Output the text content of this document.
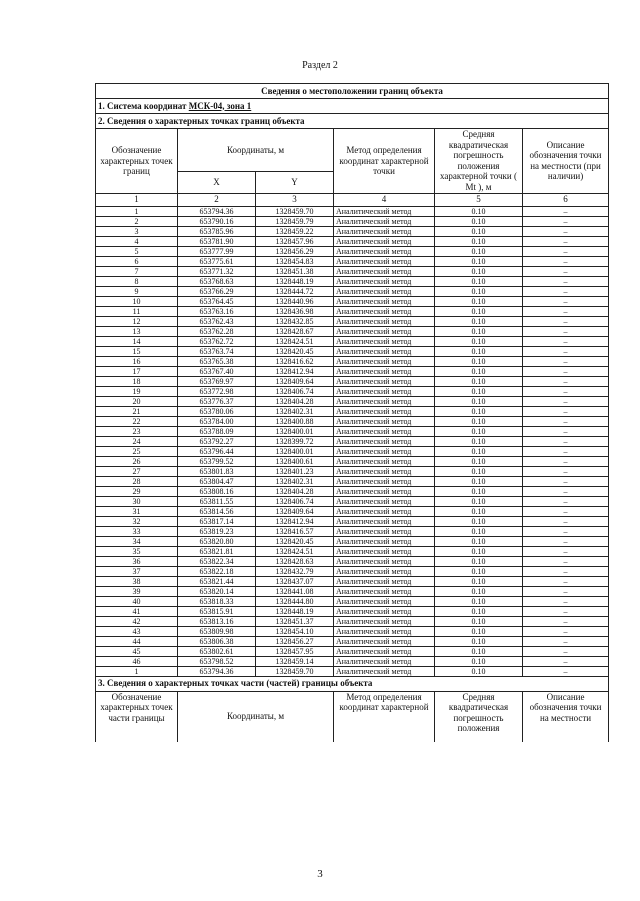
Раздел 2
Сведения о местоположении границ объекта					
1. Система координат МСК-04, зона 1					
2. Сведения о характерных точках границ объекта					
Обозначение характерных точек границ	Координаты, м		Метод определения координат характерной точки	Средняя квадратическая погрешность положения характерной точки ( Mt ), м	Описание обозначения точки на местности (при наличии)
	X	Y			
1	2	3	4	5	6
1	653794.36	1328459.70	Аналитический метод	0.10	–
2	653790.16	1328459.79	Аналитический метод	0.10	–
3	653785.96	1328459.22	Аналитический метод	0.10	–
4	653781.90	1328457.96	Аналитический метод	0.10	–
5	653777.99	1328456.29	Аналитический метод	0.10	–
6	653775.61	1328454.83	Аналитический метод	0.10	–
7	653771.32	1328451.38	Аналитический метод	0.10	–
8	653768.63	1328448.19	Аналитический метод	0.10	–
9	653766.29	1328444.72	Аналитический метод	0.10	–
10	653764.45	1328440.96	Аналитический метод	0.10	–
11	653763.16	1328436.98	Аналитический метод	0.10	–
12	653762.43	1328432.85	Аналитический метод	0.10	–
13	653762.28	1328428.67	Аналитический метод	0.10	–
14	653762.72	1328424.51	Аналитический метод	0.10	–
15	653763.74	1328420.45	Аналитический метод	0.10	–
16	653765.38	1328416.62	Аналитический метод	0.10	–
17	653767.40	1328412.94	Аналитический метод	0.10	–
18	653769.97	1328409.64	Аналитический метод	0.10	–
19	653772.98	1328406.74	Аналитический метод	0.10	–
20	653776.37	1328404.28	Аналитический метод	0.10	–
21	653780.06	1328402.31	Аналитический метод	0.10	–
22	653784.00	1328400.88	Аналитический метод	0.10	–
23	653788.09	1328400.01	Аналитический метод	0.10	–
24	653792.27	1328399.72	Аналитический метод	0.10	–
25	653796.44	1328400.01	Аналитический метод	0.10	–
26	653799.52	1328400.61	Аналитический метод	0.10	–
27	653801.83	1328401.23	Аналитический метод	0.10	–
28	653804.47	1328402.31	Аналитический метод	0.10	–
29	653808.16	1328404.28	Аналитический метод	0.10	–
30	653811.55	1328406.74	Аналитический метод	0.10	–
31	653814.56	1328409.64	Аналитический метод	0.10	–
32	653817.14	1328412.94	Аналитический метод	0.10	–
33	653819.23	1328416.57	Аналитический метод	0.10	–
34	653820.80	1328420.45	Аналитический метод	0.10	–
35	653821.81	1328424.51	Аналитический метод	0.10	–
36	653822.34	1328428.63	Аналитический метод	0.10	–
37	653822.18	1328432.79	Аналитический метод	0.10	–
38	653821.44	1328437.07	Аналитический метод	0.10	–
39	653820.14	1328441.08	Аналитический метод	0.10	–
40	653818.33	1328444.80	Аналитический метод	0.10	–
41	653815.91	1328448.19	Аналитический метод	0.10	–
42	653813.16	1328451.37	Аналитический метод	0.10	–
43	653809.98	1328454.10	Аналитический метод	0.10	–
44	653806.38	1328456.27	Аналитический метод	0.10	–
45	653802.61	1328457.95	Аналитический метод	0.10	–
46	653798.52	1328459.14	Аналитический метод	0.10	–
1	653794.36	1328459.70	Аналитический метод	0.10	–
3. Сведения о характерных точках части (частей) границы объекта
Обозначение характерных точек части границы	Координаты, м	Метод определения координат характерной	Средняя квадратическая погрешность положения	Описание обозначения точки на местности
3
